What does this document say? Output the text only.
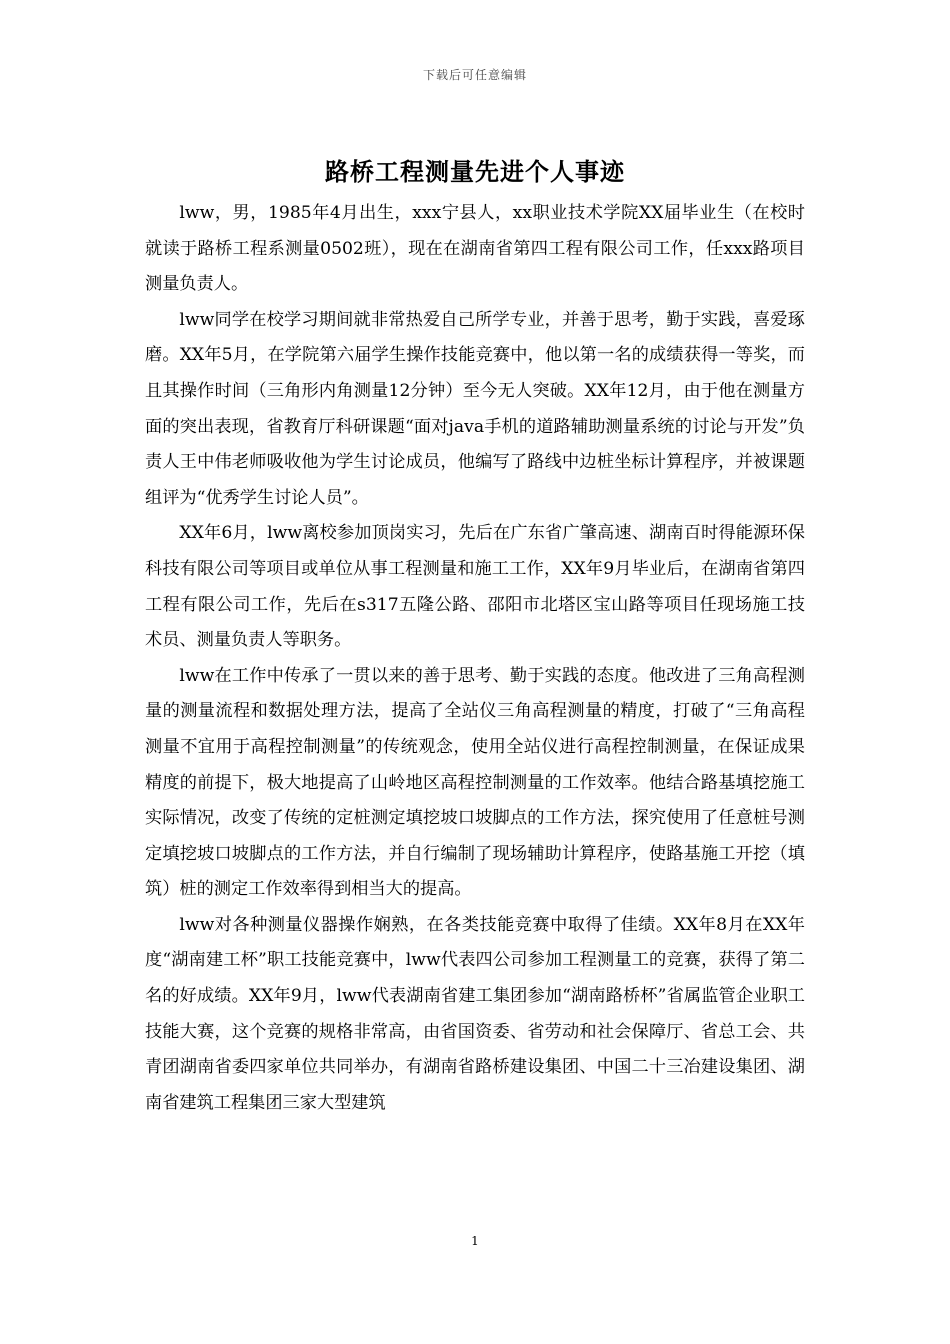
下载后可任意编辑
路桥工程测量先进个人事迹

lww，男，1985年4月出生，xxx宁县人，xx职业技术学院XX届毕业生（在校时就读于路桥工程系测量0502班），现在在湖南省第四工程有限公司工作，任xxx路项目测量负责人。

lww同学在校学习期间就非常热爱自己所学专业，并善于思考，勤于实践，喜爱琢磨。XX年5月，在学院第六届学生操作技能竞赛中，他以第一名的成绩获得一等奖，而且其操作时间（三角形内角测量12分钟）至今无人突破。XX年12月，由于他在测量方面的突出表现，省教育厅科研课题“面对java手机的道路辅助测量系统的讨论与开发”负责人王中伟老师吸收他为学生讨论成员，他编写了路线中边桩坐标计算程序，并被课题组评为“优秀学生讨论人员”。

XX年6月，lww离校参加顶岗实习，先后在广东省广肇高速、湖南百时得能源环保科技有限公司等项目或单位从事工程测量和施工工作，XX年9月毕业后，在湖南省第四工程有限公司工作，先后在s317五隆公路、邵阳市北塔区宝山路等项目任现场施工技术员、测量负责人等职务。

lww在工作中传承了一贯以来的善于思考、勤于实践的态度。他改进了三角高程测量的测量流程和数据处理方法，提高了全站仪三角高程测量的精度，打破了“三角高程测量不宜用于高程控制测量”的传统观念，使用全站仪进行高程控制测量，在保证成果精度的前提下，极大地提高了山岭地区高程控制测量的工作效率。他结合路基填挖施工实际情况，改变了传统的定桩测定填挖坡口坡脚点的工作方法，探究使用了任意桩号测定填挖坡口坡脚点的工作方法，并自行编制了现场辅助计算程序，使路基施工开挖（填筑）桩的测定工作效率得到相当大的提高。

lww对各种测量仪器操作娴熟，在各类技能竞赛中取得了佳绩。XX年8月在XX年度“湖南建工杯”职工技能竞赛中，lww代表四公司参加工程测量工的竞赛，获得了第二名的好成绩。XX年9月，lww代表湖南省建工集团参加“湖南路桥杯”省属监管企业职工技能大赛，这个竞赛的规格非常高，由省国资委、省劳动和社会保障厅、省总工会、共青团湖南省委四家单位共同举办，有湖南省路桥建设集团、中国二十三冶建设集团、湖南省建筑工程集团三家大型建筑

1
